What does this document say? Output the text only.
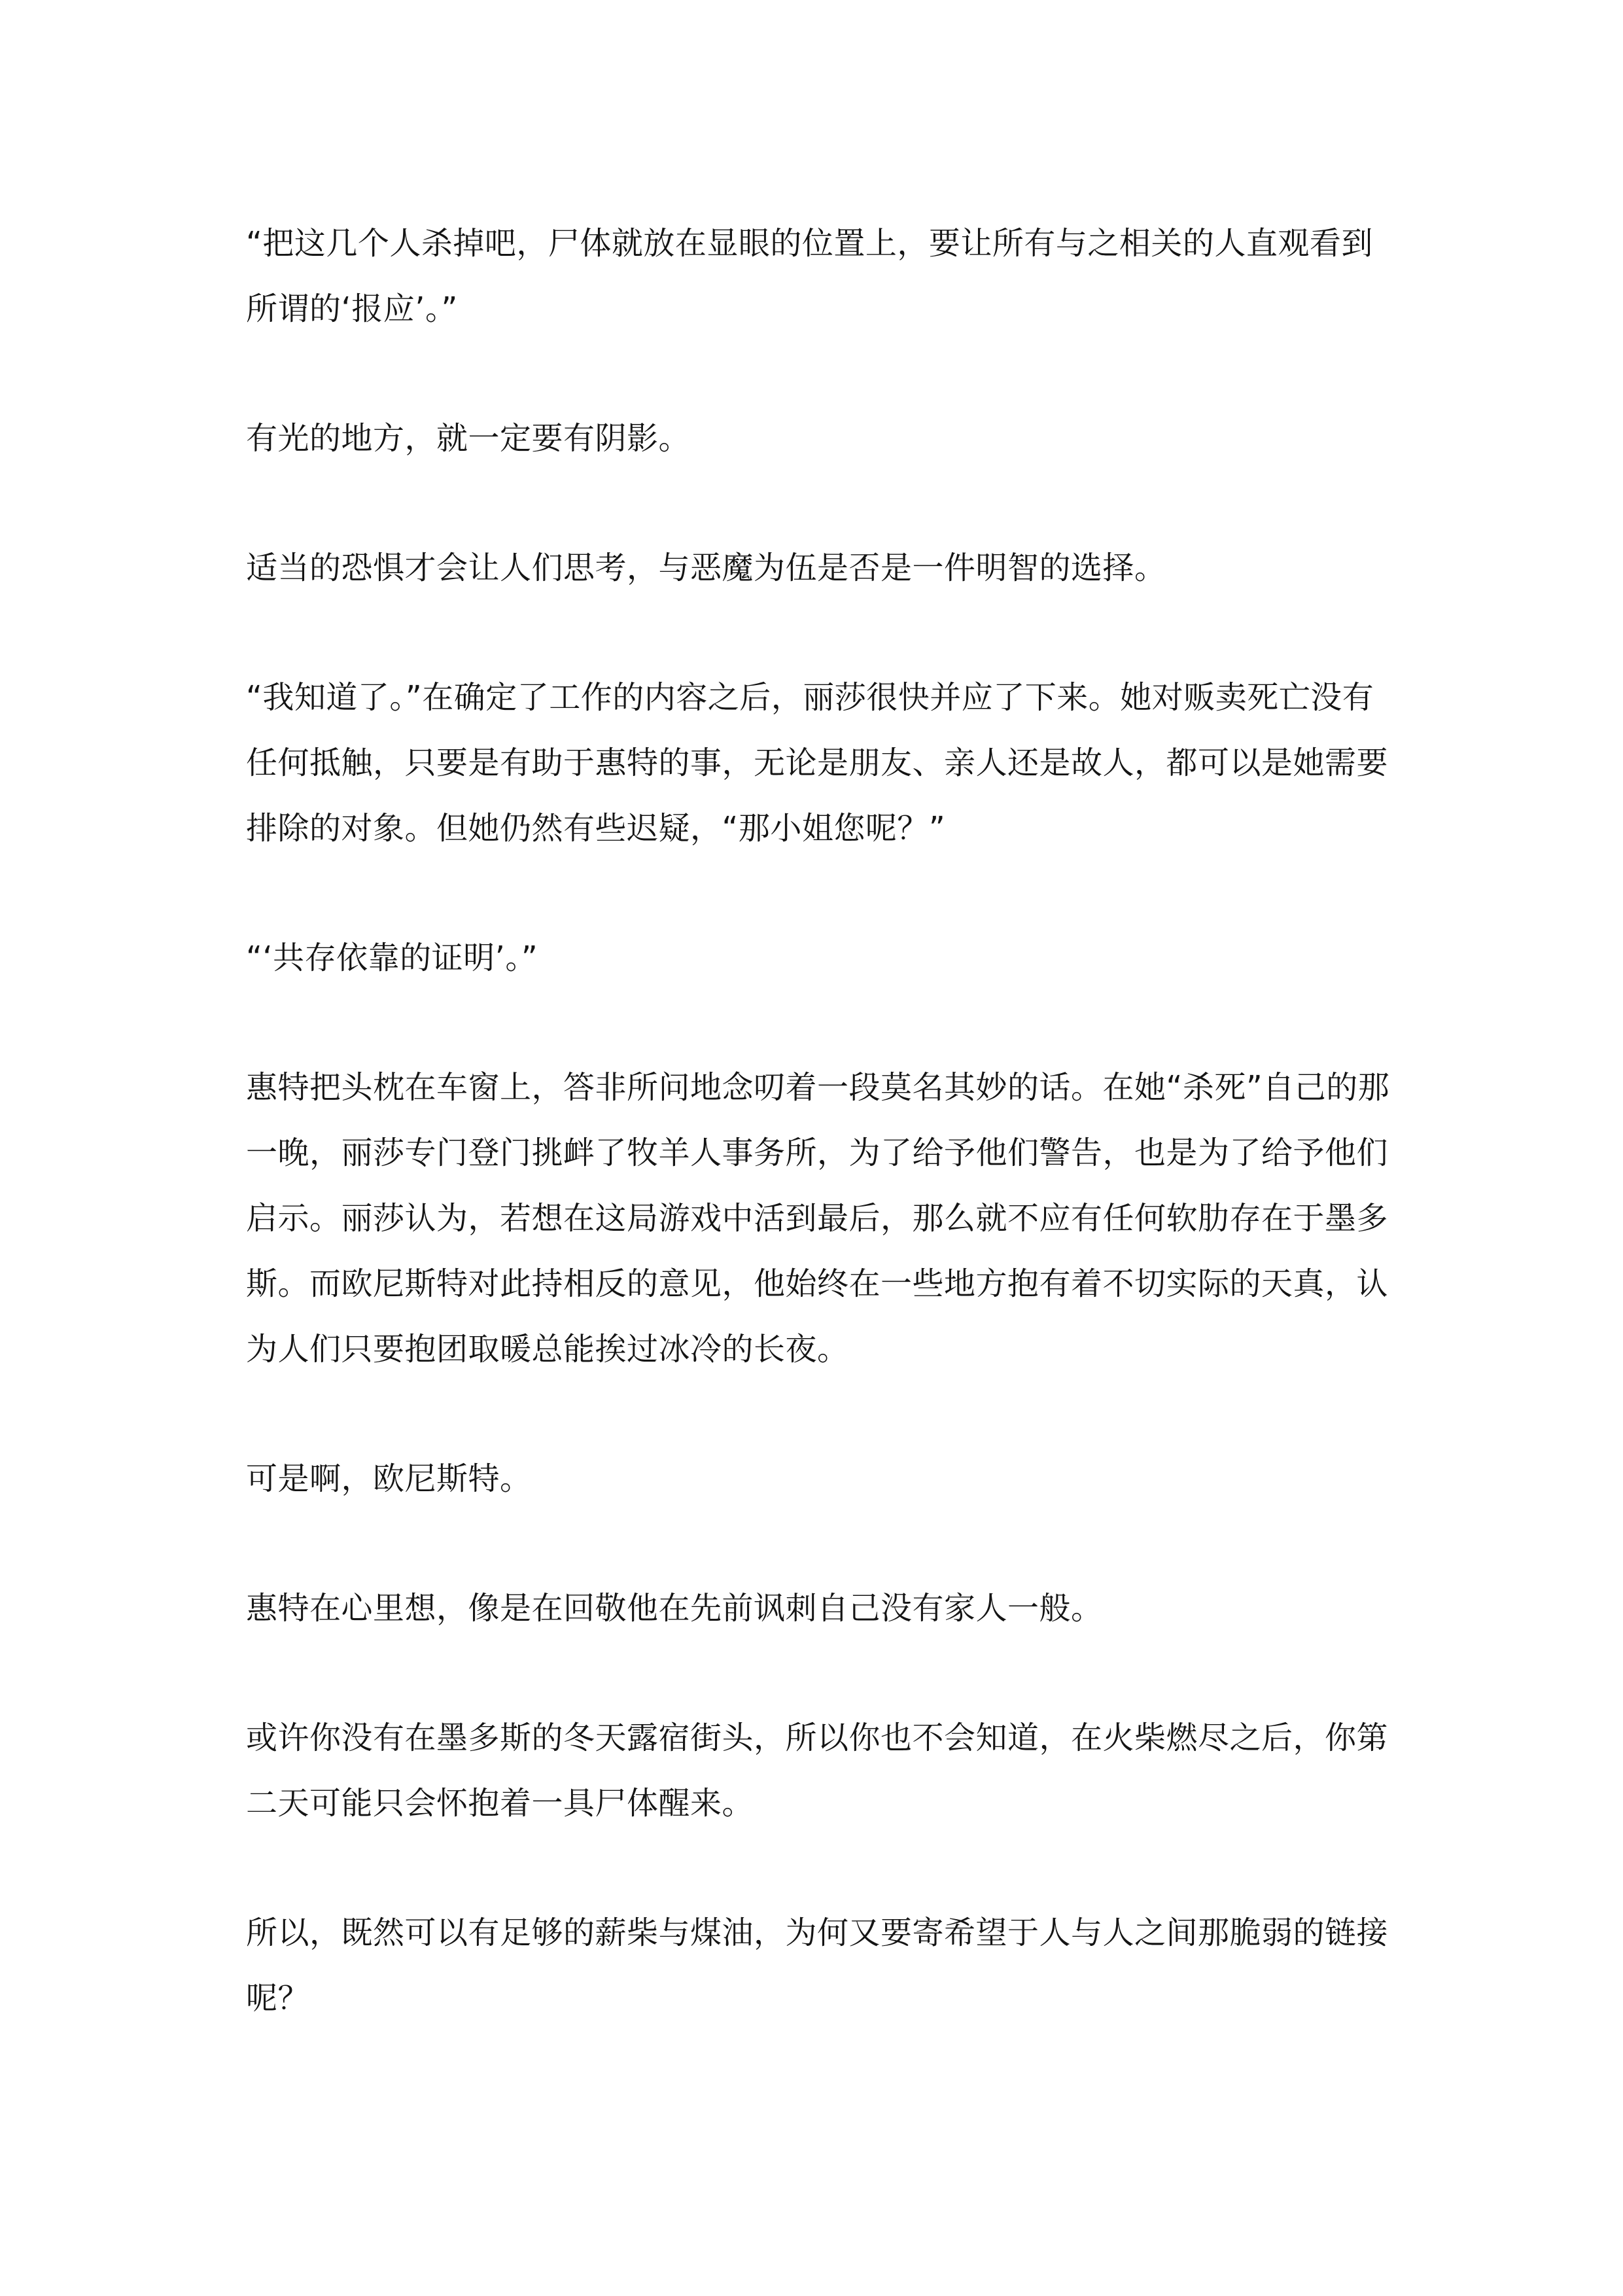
“把这几个人杀掉吧，尸体就放在显眼的位置上，要让所有与之相关的人直观看到所谓的‘报应’。”

有光的地方，就一定要有阴影。

适当的恐惧才会让人们思考，与恶魔为伍是否是一件明智的选择。

“我知道了。”在确定了工作的内容之后，丽莎很快并应了下来。她对贩卖死亡没有任何抵触，只要是有助于惠特的事，无论是朋友、亲人还是故人，都可以是她需要排除的对象。但她仍然有些迟疑，“那小姐您呢？”

“‘共存依靠的证明’。”

惠特把头枕在车窗上，答非所问地念叨着一段莫名其妙的话。在她“杀死”自己的那一晚，丽莎专门登门挑衅了牧羊人事务所，为了给予他们警告，也是为了给予他们启示。丽莎认为，若想在这局游戏中活到最后，那么就不应有任何软肋存在于墨多斯。而欧尼斯特对此持相反的意见，他始终在一些地方抱有着不切实际的天真，认为人们只要抱团取暖总能挨过冰冷的长夜。

可是啊，欧尼斯特。

惠特在心里想，像是在回敬他在先前讽刺自己没有家人一般。

或许你没有在墨多斯的冬天露宿街头，所以你也不会知道，在火柴燃尽之后，你第二天可能只会怀抱着一具尸体醒来。

所以，既然可以有足够的薪柴与煤油，为何又要寄希望于人与人之间那脆弱的链接呢？
